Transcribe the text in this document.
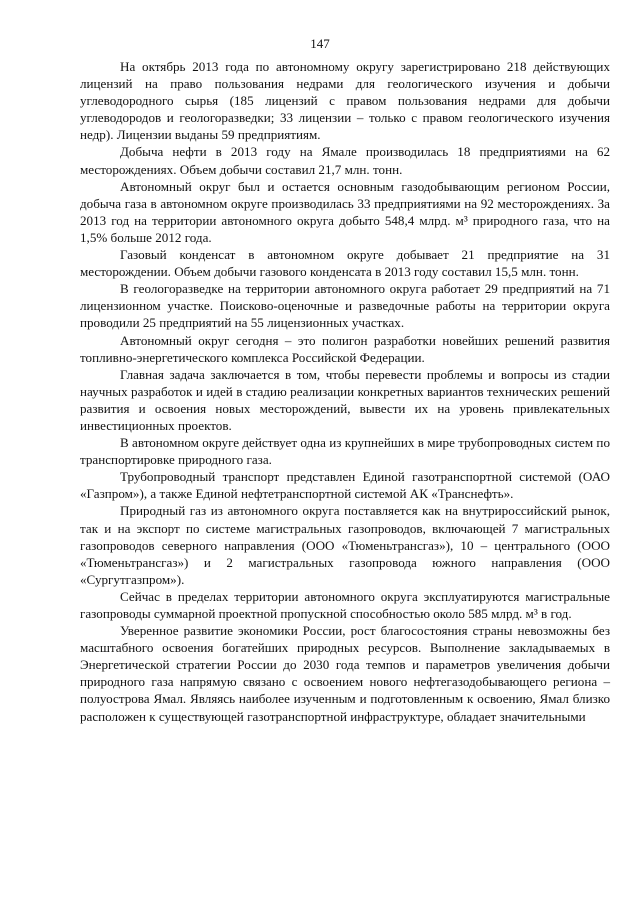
147

На октябрь 2013 года по автономному округу зарегистрировано 218 действующих лицензий на право пользования недрами для геологического изучения и добычи углеводородного сырья (185 лицензий с правом пользования недрами для добычи углеводородов и геологоразведки; 33 лицензии – только с правом геологического изучения недр). Лицензии выданы 59 предприятиям.

Добыча нефти в 2013 году на Ямале производилась 18 предприятиями на 62 месторождениях. Объем добычи составил 21,7 млн. тонн.

Автономный округ был и остается основным газодобывающим регионом России, добыча газа в автономном округе производилась 33 предприятиями на 92 месторождениях. За 2013 год на территории автономного округа добыто 548,4 млрд. м³ природного газа, что на 1,5% больше 2012 года.

Газовый конденсат в автономном округе добывает 21 предприятие на 31 месторождении. Объем добычи газового конденсата в 2013 году составил 15,5 млн. тонн.

В геологоразведке на территории автономного округа работает 29 предприятий на 71 лицензионном участке. Поисково-оценочные и разведочные работы на территории округа проводили 25 предприятий на 55 лицензионных участках.

Автономный округ сегодня – это полигон разработки новейших решений развития топливно-энергетического комплекса Российской Федерации.

Главная задача заключается в том, чтобы перевести проблемы и вопросы из стадии научных разработок и идей в стадию реализации конкретных вариантов технических решений развития и освоения новых месторождений, вывести их на уровень привлекательных инвестиционных проектов.

В автономном округе действует одна из крупнейших в мире трубопроводных систем по транспортировке природного газа.

Трубопроводный транспорт представлен Единой газотранспортной системой (ОАО «Газпром»), а также Единой нефтетранспортной системой АК «Транснефть».

Природный газ из автономного округа поставляется как на внутрироссийский рынок, так и на экспорт по системе магистральных газопроводов, включающей 7 магистральных газопроводов северного направления (ООО «Тюменьтрансгаз»), 10 – центрального (ООО «Тюменьтрансгаз») и 2 магистральных газопровода южного направления (ООО «Сургутгазпром»).

Сейчас в пределах территории автономного округа эксплуатируются магистральные газопроводы суммарной проектной пропускной способностью около 585 млрд. м³ в год.

Уверенное развитие экономики России, рост благосостояния страны невозможны без масштабного освоения богатейших природных ресурсов. Выполнение закладываемых в Энергетической стратегии России до 2030 года темпов и параметров увеличения добычи природного газа напрямую связано с освоением нового нефтегазодобывающего региона – полуострова Ямал. Являясь наиболее изученным и подготовленным к освоению, Ямал близко расположен к существующей газотранспортной инфраструктуре, обладает значительными
